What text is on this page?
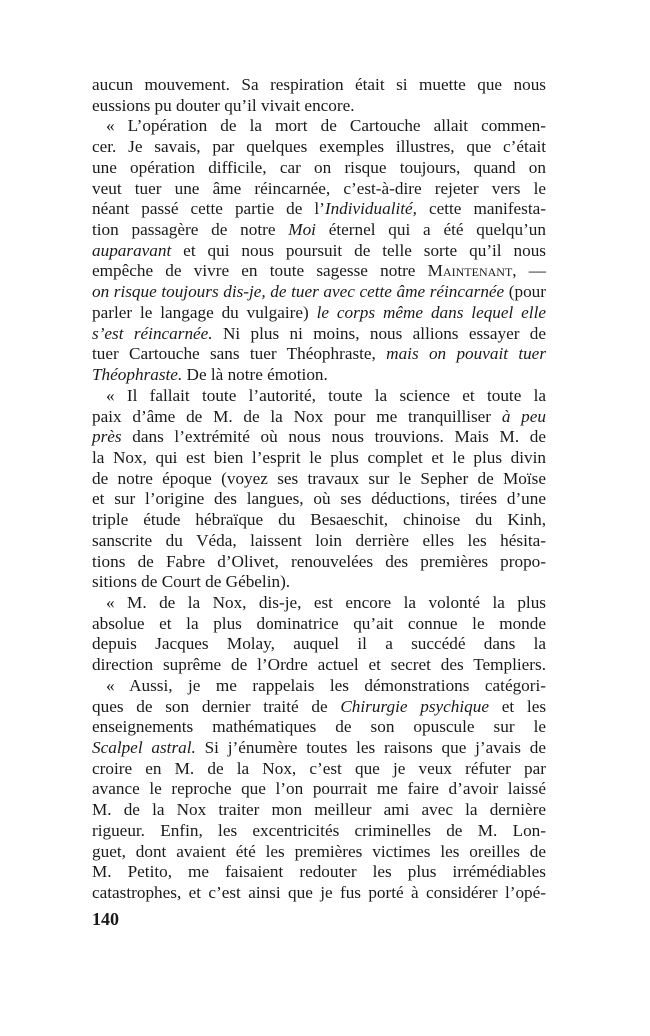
aucun mouvement. Sa respiration était si muette que nous
eussions pu douter qu’il vivait encore.
« L’opération de la mort de Cartouche allait commen-
cer. Je savais, par quelques exemples illustres, que c’était
une opération difficile, car on risque toujours, quand on
veut tuer une âme réincarnée, c’est-à-dire rejeter vers le
néant passé cette partie de l’Individualité, cette manifesta-
tion passagère de notre Moi éternel qui a été quelqu’un
auparavant et qui nous poursuit de telle sorte qu’il nous
empêche de vivre en toute sagesse notre Maintenant, —
on risque toujours dis-je, de tuer avec cette âme réincarnée (pour
parler le langage du vulgaire) le corps même dans lequel elle
s’est réincarnée. Ni plus ni moins, nous allions essayer de
tuer Cartouche sans tuer Théophraste, mais on pouvait tuer
Théophraste. De là notre émotion.
« Il fallait toute l’autorité, toute la science et toute la
paix d’âme de M. de la Nox pour me tranquilliser à peu
près dans l’extrémité où nous nous trouvions. Mais M. de
la Nox, qui est bien l’esprit le plus complet et le plus divin
de notre époque (voyez ses travaux sur le Sepher de Moïse
et sur l’origine des langues, où ses déductions, tirées d’une
triple étude hébraïque du Besaeschit, chinoise du Kinh,
sanscrite du Véda, laissent loin derrière elles les hésita-
tions de Fabre d’Olivet, renouvelées des premières propo-
sitions de Court de Gébelin).
« M. de la Nox, dis-je, est encore la volonté la plus
absolue et la plus dominatrice qu’ait connue le monde
depuis Jacques Molay, auquel il a succédé dans la
direction suprême de l’Ordre actuel et secret des Templiers.
« Aussi, je me rappelais les démonstrations catégori-
ques de son dernier traité de Chirurgie psychique et les
enseignements mathématiques de son opuscule sur le
Scalpel astral. Si j’énumère toutes les raisons que j’avais de
croire en M. de la Nox, c’est que je veux réfuter par
avance le reproche que l’on pourrait me faire d’avoir laissé
M. de la Nox traiter mon meilleur ami avec la dernière
rigueur. Enfin, les excentricités criminelles de M. Lon-
guet, dont avaient été les premières victimes les oreilles de
M. Petito, me faisaient redouter les plus irrémédiables
catastrophes, et c’est ainsi que je fus porté à considérer l’opé-
140
